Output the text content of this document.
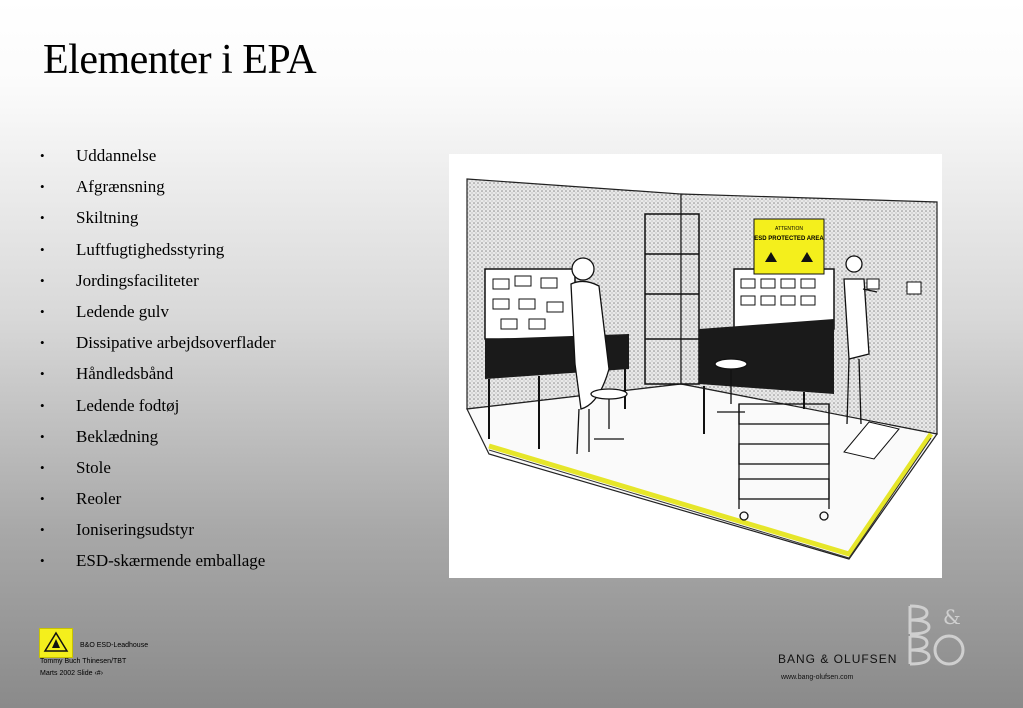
Elementer i EPA
• Uddannelse
• Afgrænsning
• Skiltning
• Luftfugtighedsstyring
• Jordingsfaciliteter
• Ledende gulv
• Dissipative arbejdsoverflader
• Håndledsbånd
• Ledende fodtøj
• Beklædning
• Stole
• Reoler
• Ioniseringsudstyr
• ESD-skærmende emballage
ATTENTION
ESD PROTECTED AREA
B&O ESD-Leadhouse
Tommy Buch Thinesen/TBT
Marts 2002 Slide ‹#›
BANG & OLUFSEN
www.bang-olufsen.com
&
